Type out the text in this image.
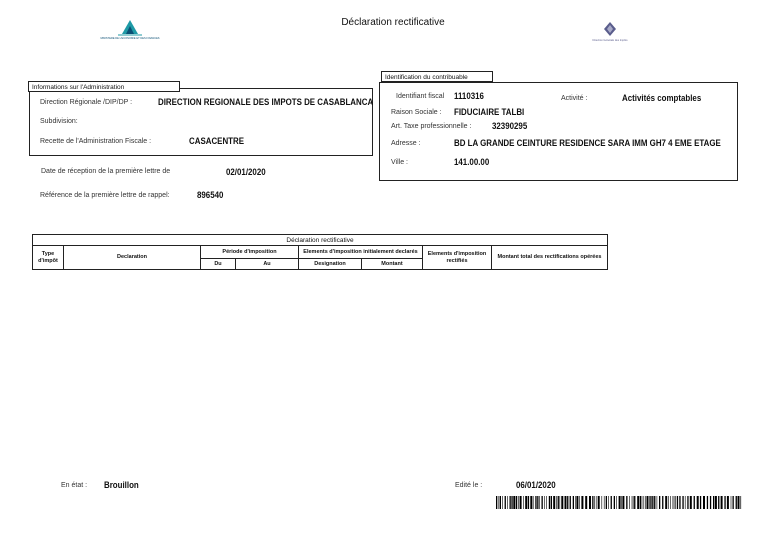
MINISTERE DE L'ECONOMIE ET DES FINANCES
Déclaration rectificative
Direction Générale des Impôts
Informations sur l'Administration
Direction Régionale /DIP/DP :	DIRECTION REGIONALE DES IMPOTS DE CASABLANCA
Subdivision:
Recette de l'Administration Fiscale :	CASACENTRE
Date de réception de la première lettre de	02/01/2020
Référence de la première lettre de rappel:	896540
Identification du contribuable
Identifiant fiscal 1110316	Activité :	Activités comptables
Raison Sociale : FIDUCIAIRE TALBI
Art. Taxe professionnelle : 32390295
Adresse :	BD LA GRANDE CEINTURE RESIDENCE SARA IMM GH7 4 EME ETAGE
Ville :	141.00.00
Déclaration rectificative							
Type d'impôt	Declaration	Période d'imposition		Elements d'imposition initialement declarés		Elements d'imposition rectifiés	Montant total des rectifications opérées
		Du	Au	Designation	Montant		
En état : Brouillon	Edité le :	06/01/2020
